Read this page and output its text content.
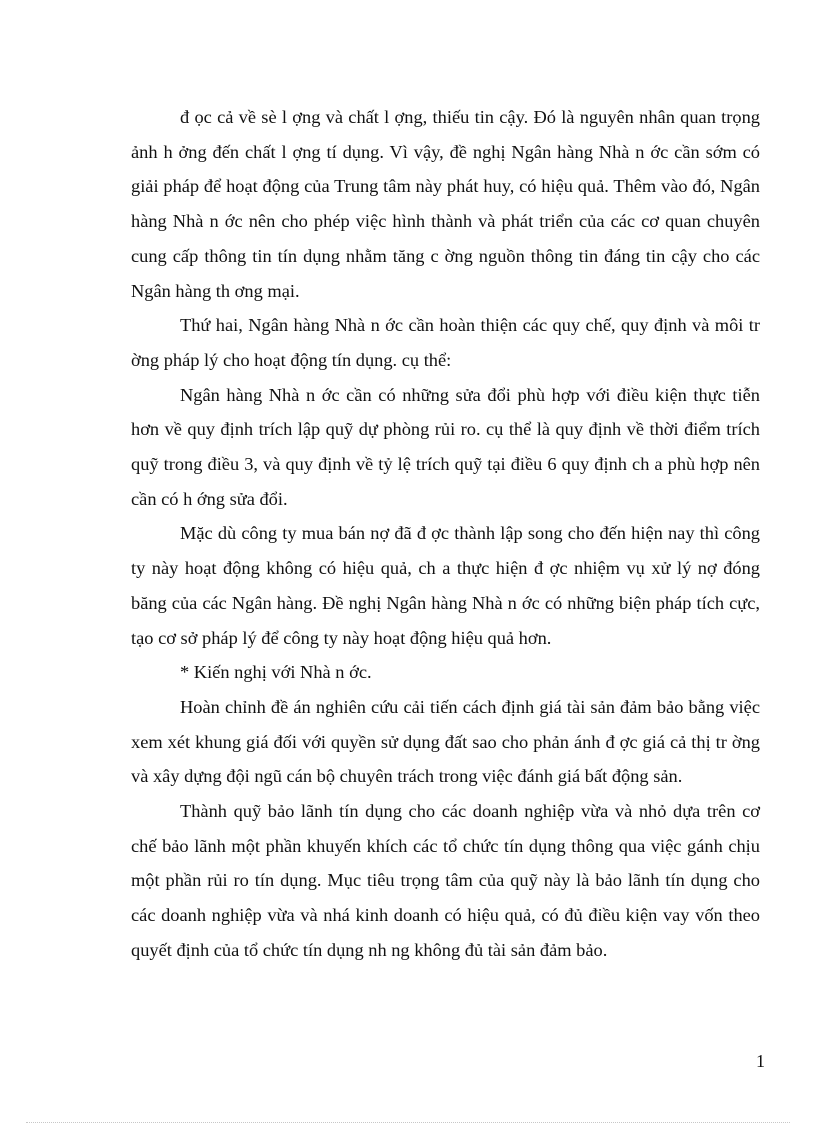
đ ọc cả về sè l ợng và chất l ợng, thiếu tin cậy. Đó là nguyên nhân quan trọng ảnh h ởng đến chất l ợng tí dụng. Vì vậy, đề nghị Ngân hàng Nhà n ớc cần sớm có giải pháp để hoạt động của Trung tâm này phát huy, có hiệu quả. Thêm vào đó, Ngân hàng Nhà n ớc nên cho phép việc hình thành và phát triển của các cơ quan chuyên cung cấp thông tin tín dụng nhằm tăng c ờng nguồn thông tin đáng tin cậy cho các Ngân hàng th ơng mại.

Thứ hai, Ngân hàng Nhà n ớc cần hoàn thiện các quy chế, quy định và môi tr ờng pháp lý cho hoạt động tín dụng. cụ thể:

Ngân hàng Nhà n ớc cần có những sửa đổi phù hợp với điều kiện thực tiễn hơn về quy định trích lập quỹ dự phòng rủi ro. cụ thể là quy định về thời điểm trích quỹ trong điều 3, và quy định về tỷ lệ trích quỹ tại điều 6 quy định ch a phù hợp nên cần có h ớng sửa đổi.

Mặc dù công ty mua bán nợ đã đ ợc thành lập song cho đến hiện nay thì công ty này hoạt động không có hiệu quả, ch a thực hiện đ ợc nhiệm vụ xử lý nợ đóng băng của các Ngân hàng. Đề nghị Ngân hàng Nhà n ớc có những biện pháp tích cực, tạo cơ sở pháp lý để công ty này hoạt động hiệu quả hơn.

* Kiến nghị với Nhà n ớc.

Hoàn chỉnh đề án nghiên cứu cải tiến cách định giá tài sản đảm bảo bằng việc xem xét khung giá đối với quyền sử dụng đất sao cho phản ánh đ ợc giá cả thị tr ờng và xây dựng đội ngũ cán bộ chuyên trách trong việc đánh giá bất động sản.

Thành quỹ bảo lãnh tín dụng cho các doanh nghiệp vừa và nhỏ dựa trên cơ chế bảo lãnh một phần khuyến khích các tổ chức tín dụng thông qua việc gánh chịu một phần rủi ro tín dụng. Mục tiêu trọng tâm của quỹ này là bảo lãnh tín dụng cho các doanh nghiệp vừa và nhá kinh doanh có hiệu quả, có đủ điều kiện vay vốn theo quyết định của tổ chức tín dụng nh ng không đủ tài sản đảm bảo.

1
